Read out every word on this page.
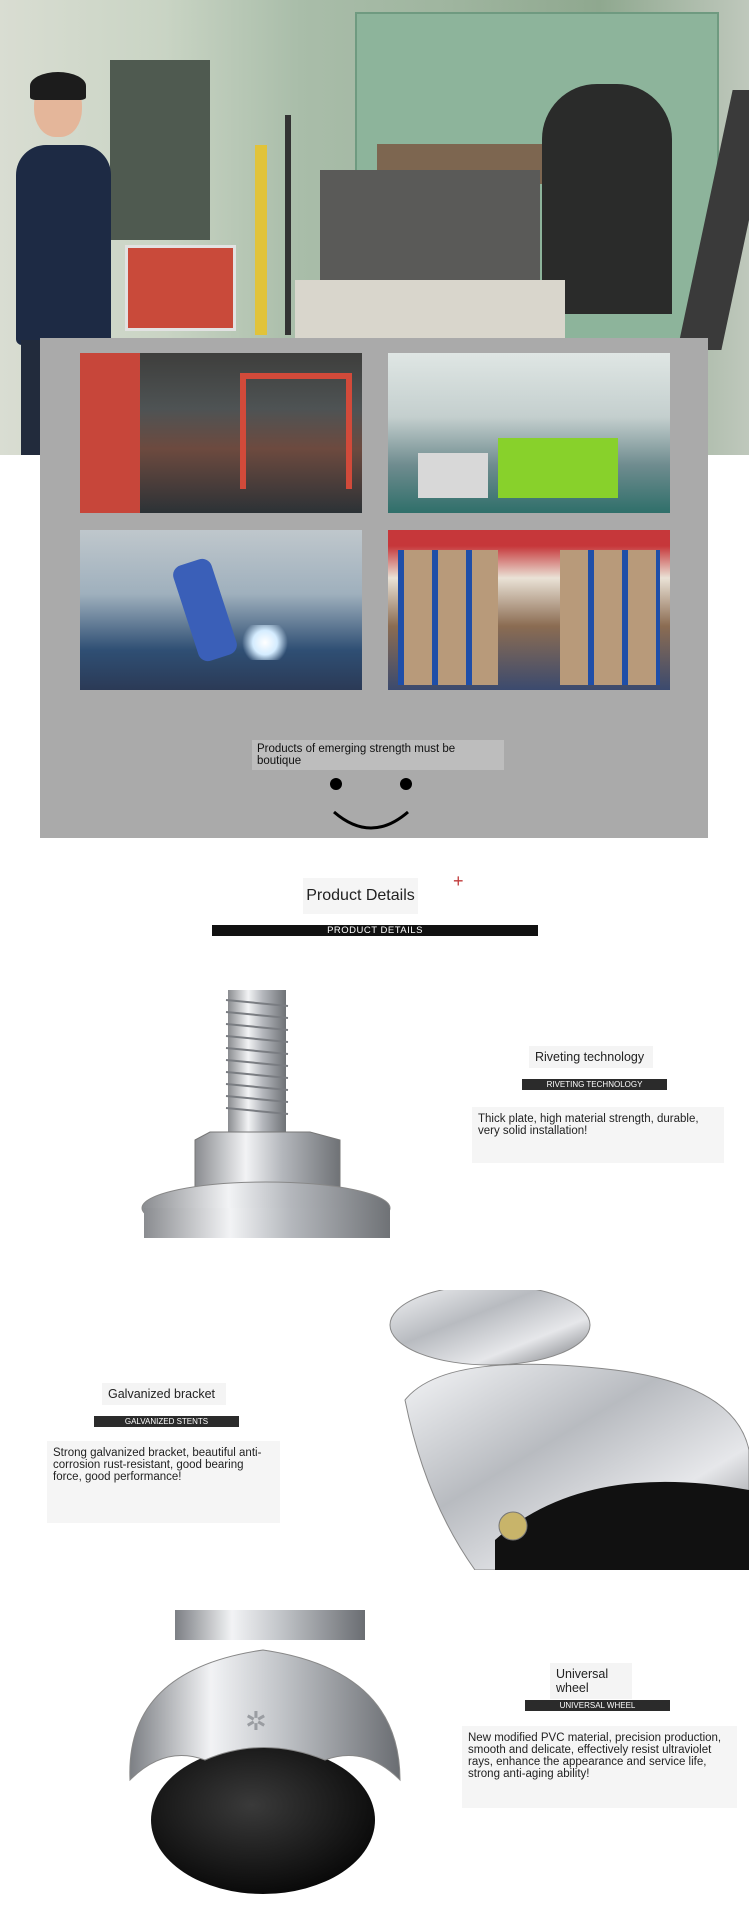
Products of emerging strength must be boutique
Product Details
+
PRODUCT DETAILS
Riveting technology
RIVETING TECHNOLOGY
Thick plate, high material strength, durable, very solid installation!
Galvanized bracket
GALVANIZED STENTS
Strong galvanized bracket, beautiful anti-corrosion rust-resistant, good bearing force, good performance!
✲
Universal wheel
UNIVERSAL WHEEL
New modified PVC material, precision production, smooth and delicate, effectively resist ultraviolet rays, enhance the appearance and service life, strong anti-aging ability!
